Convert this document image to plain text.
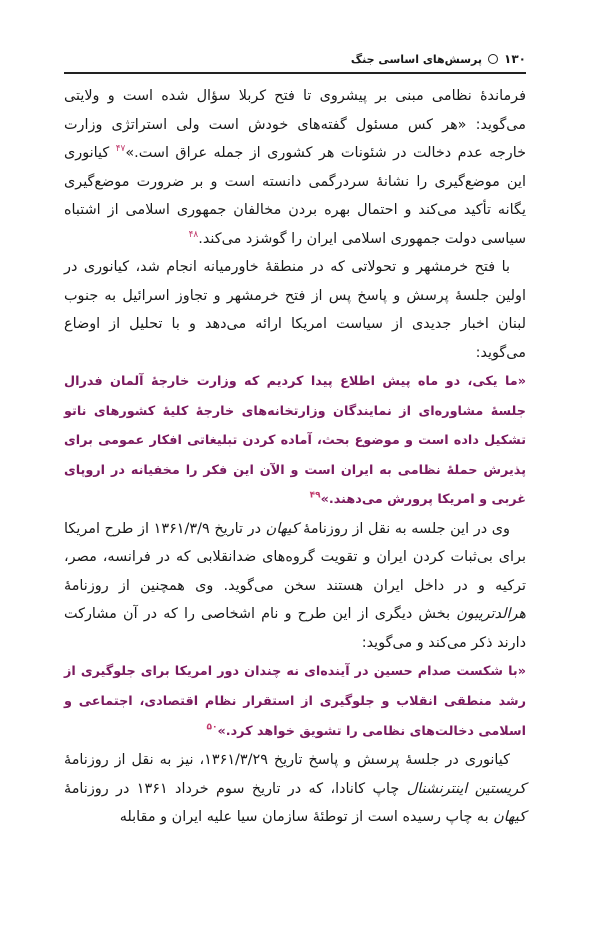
۱۳۰
پرسش‌های اساسی جنگ

فرماندهٔ نظامی مبنی بر پیشروی تا فتح کربلا سؤال شده است و ولایتی می‌گوید: «هر کس مسئول گفته‌های خودش است ولی استراتژی وزارت خارجه عدم دخالت در شئونات هر کشوری از جمله عراق است.»$^{۴۷}$ کیانوری این موضع‌گیری را نشانهٔ سردرگمی دانسته است و بر ضرورت موضع‌گیری یگانه تأکید می‌کند و احتمال بهره بردن مخالفان جمهوری اسلامی از اشتباه سیاسی دولت جمهوری اسلامی ایران را گوشزد می‌کند.$^{۴۸}$

با فتح خرمشهر و تحولاتی که در منطقهٔ خاورمیانه انجام شد، کیانوری در اولین جلسهٔ پرسش و پاسخ پس از فتح خرمشهر و تجاوز اسرائیل به جنوب لبنان اخبار جدیدی از سیاست امریکا ارائه می‌دهد و با تحلیل از اوضاع می‌گوید:

«ما یکی، دو ماه پیش اطلاع پیدا کردیم که وزارت خارجهٔ آلمان فدرال جلسهٔ مشاوره‌ای از نمایندگان وزارتخانه‌های خارجهٔ کلیهٔ کشورهای ناتو تشکیل داده است و موضوع بحث، آماده کردن تبلیغاتی افکار عمومی برای پذیرش حملهٔ نظامی به ایران است و الآن این فکر را مخفیانه در اروپای غربی و امریکا پرورش می‌دهند.»$^{۴۹}$

وی در این جلسه به نقل از روزنامهٔ کیهان در تاریخ ۱۳۶۱/۳/۹ از طرح امریکا برای بی‌ثبات کردن ایران و تقویت گروه‌های ضدانقلابی که در فرانسه، مصر، ترکیه و در داخل ایران هستند سخن می‌گوید. وی همچنین از روزنامهٔ هرالدتریبون بخش دیگری از این طرح و نام اشخاصی را که در آن مشارکت دارند ذکر می‌کند و می‌گوید:

«با شکست صدام حسین در آینده‌ای نه چندان دور امریکا برای جلوگیری از رشد منطقی انقلاب و جلوگیری از استقرار نظام اقتصادی، اجتماعی و اسلامی دخالت‌های نظامی را تشویق خواهد کرد.»$^{۵۰}$

کیانوری در جلسهٔ پرسش و پاسخ تاریخ ۱۳۶۱/۳/۲۹، نیز به نقل از روزنامهٔ کریستین اینترنشنال چاپ کانادا، که در تاریخ سوم خرداد ۱۳۶۱ در روزنامهٔ کیهان به چاپ رسیده است از توطئهٔ سازمان سیا علیه ایران و مقابله
